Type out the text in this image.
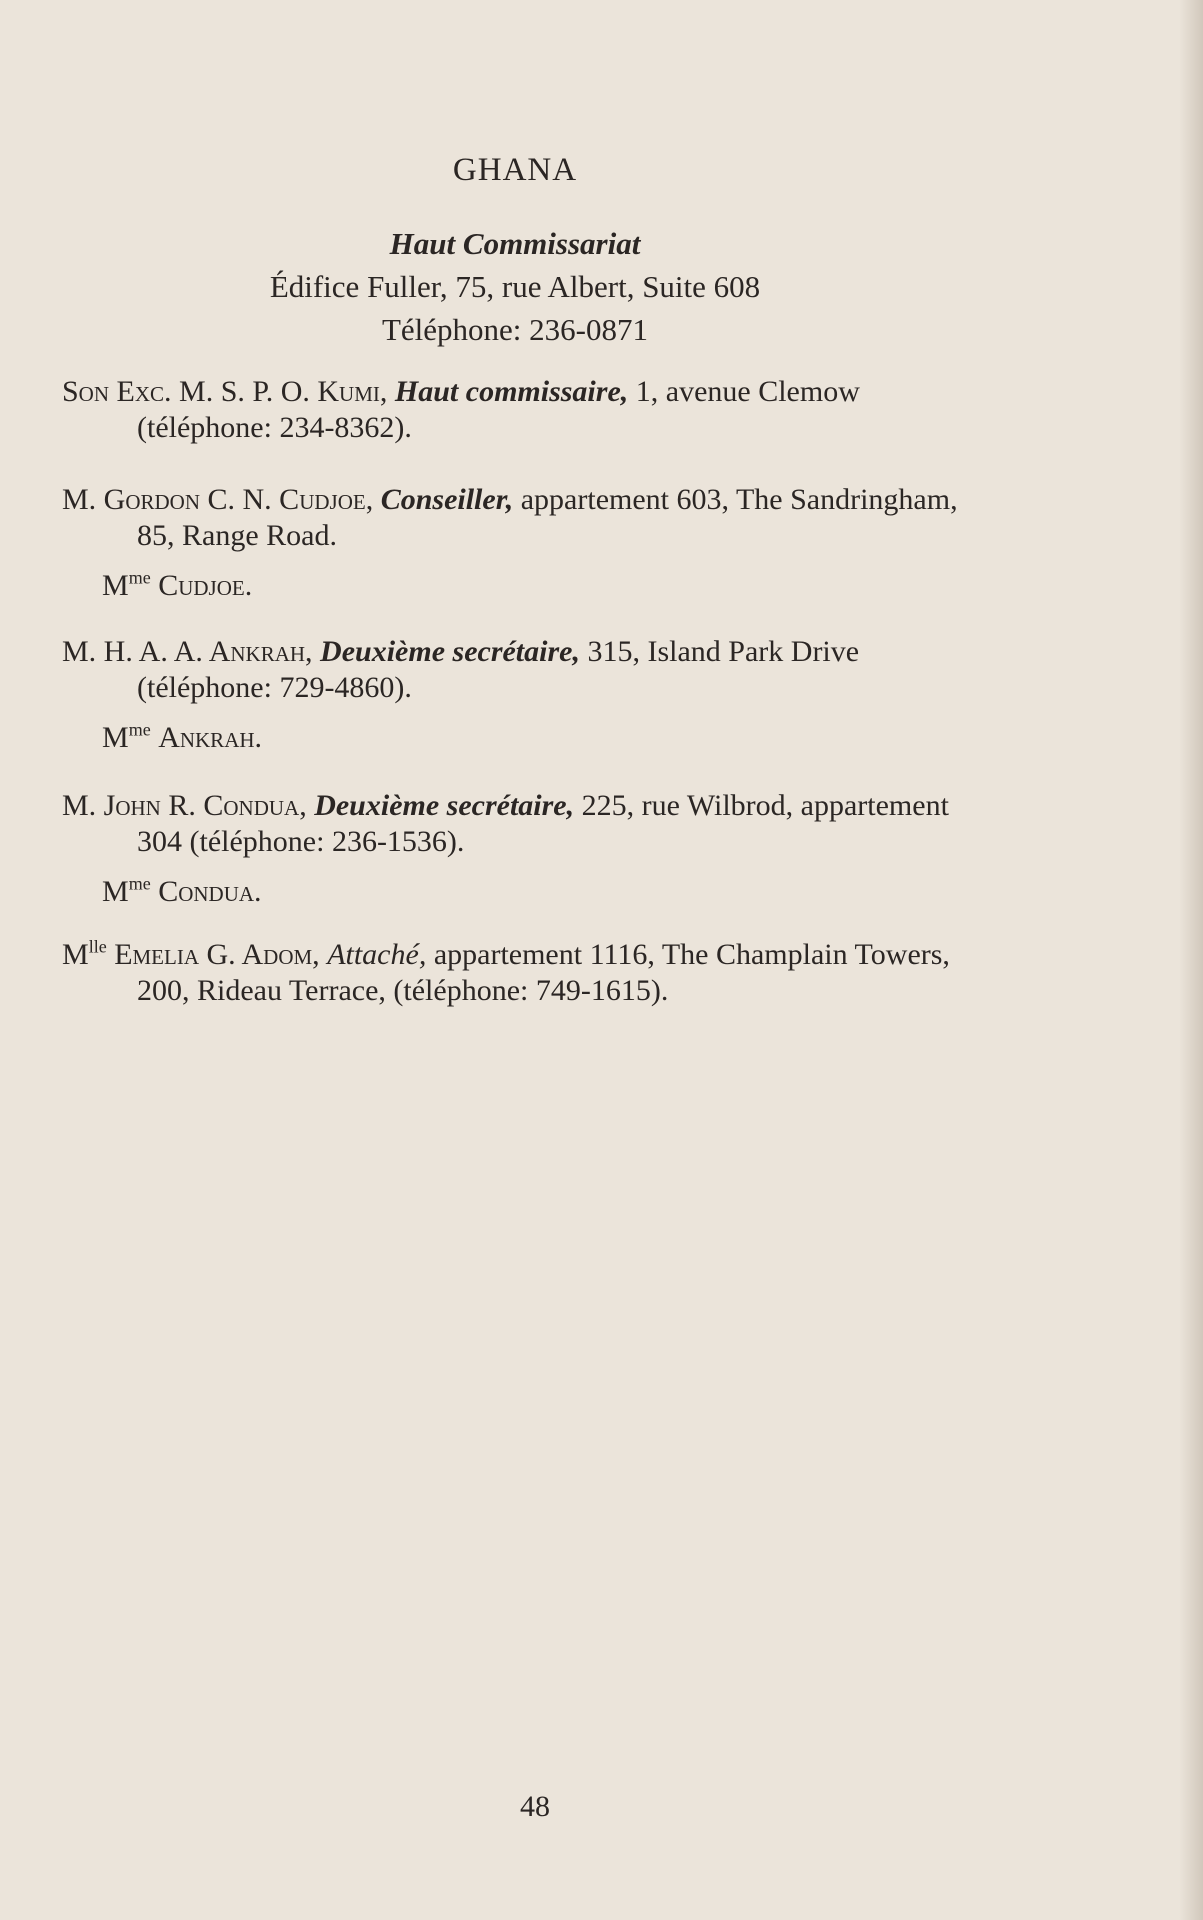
GHANA
Haut Commissariat
Édifice Fuller, 75, rue Albert, Suite 608
Téléphone: 236-0871
Son Exc. M. S. P. O. Kumi, Haut commissaire, 1, avenue Clemow (téléphone: 234-8362).
M. Gordon C. N. Cudjoe, Conseiller, appartement 603, The Sandringham, 85, Range Road.
$M^{me}$ Cudjoe.
M. H. A. A. Ankrah, Deuxième secrétaire, 315, Island Park Drive (téléphone: 729-4860).
$M^{me}$ Ankrah.
M. John R. Condua, Deuxième secrétaire, 225, rue Wilbrod, appartement 304 (téléphone: 236-1536).
$M^{me}$ Condua.
$M^{lle}$ Emelia G. Adom, Attaché, appartement 1116, The Champlain Towers, 200, Rideau Terrace, (téléphone: 749-1615).
48
